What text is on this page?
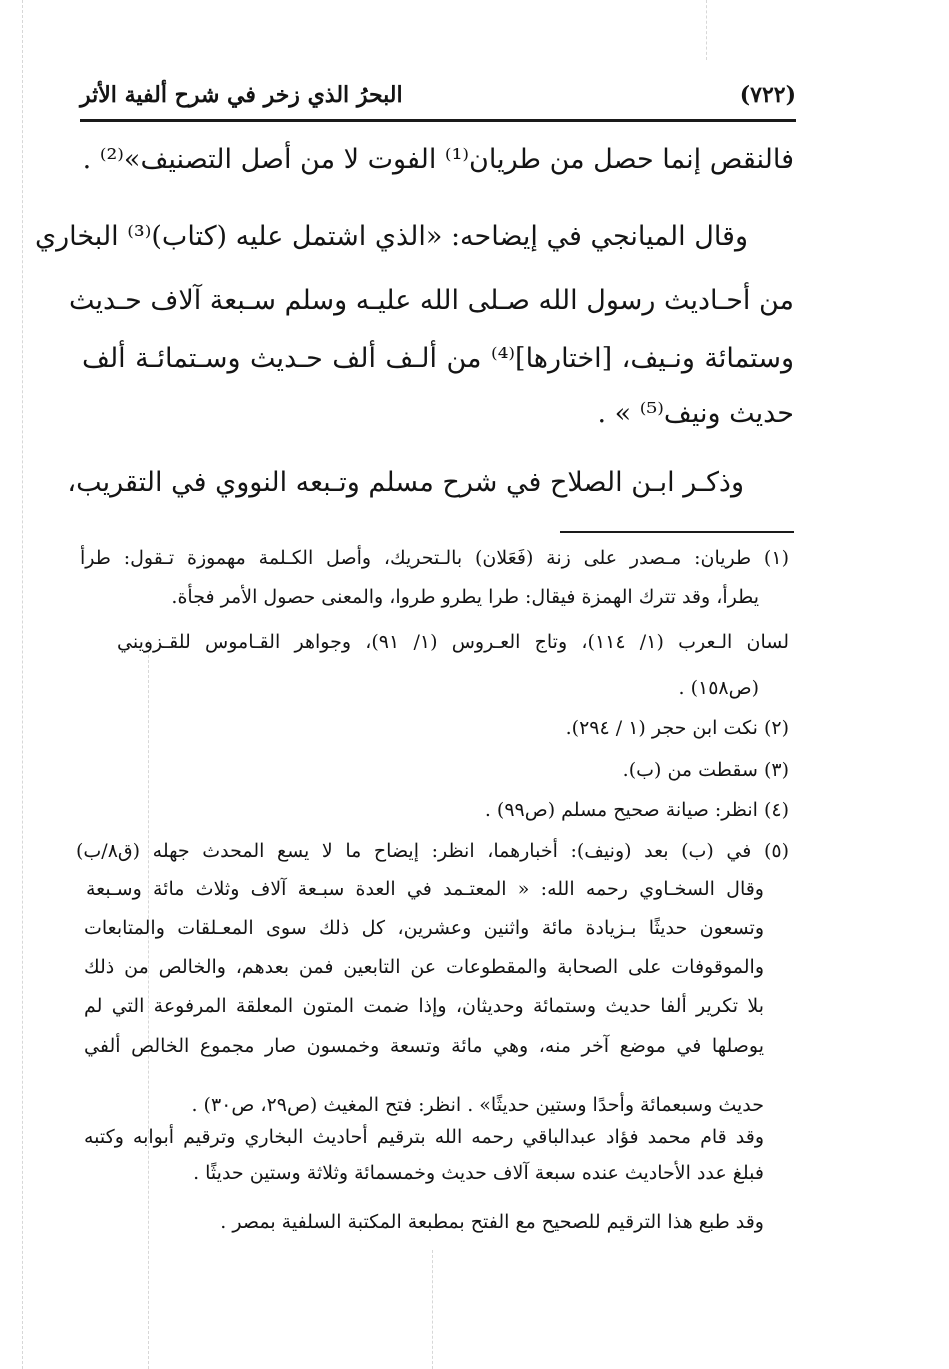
البحرُ الذي زخر في شرح ألفية الأثر	(٧٢٢)
فالنقص إنما حصل من طريان⁽¹⁾ الفوت لا من أصل التصنيف»⁽²⁾ .
وقال الميانجي في إيضاحه: «الذي اشتمل عليه (كتاب)⁽³⁾ البخاري
من أحـاديث رسول الله صـلى الله عليـه وسلم سـبعة آلاف حـديث
وستمائة ونـيف، [اختارها]⁽⁴⁾ من ألـف ألف حـديث وسـتمائـة ألف
حديث ونيف⁽⁵⁾ » .
وذكـر ابـن الصلاح في شرح مسلم وتـبعه النووي في التقريب،
(١) طريان: مـصدر على زنة (فَعَلان) بالـتحريك، وأصل الكـلمة مهموزة تـقول: طرأ
يطرأ، وقد تترك الهمزة فيقال: طرا يطرو طروا، والمعنى حصول الأمر فجأة.
لسان الـعرب (١/ ١١٤)، وتاج العـروس (١/ ٩١)، وجواهر القـاموس للقـزويني
(ص١٥٨) .
(٢) نكت ابن حجر (١ / ٢٩٤).
(٣) سقطت من (ب).
(٤) انظر: صيانة صحيح مسلم (ص٩٩) .
(٥) في (ب) بعد (ونيف): أخبارهما، انظر: إيضاح ما لا يسع المحدث جهله (ق٨/ب)
وقال السخـاوي رحمه الله: « المعتـمد في العدة سبـعة آلاف وثلاث مائة وسـبعة
وتسعون حديثًا بـزيادة مائة واثنين وعشرين، كل ذلك سوى المعـلقات والمتابعات
والموقوفات على الصحابة والمقطوعات عن التابعين فمن بعدهم، والخالص من ذلك
بلا تكرير ألفا حديث وستمائة وحديثان، وإذا ضمت المتون المعلقة المرفوعة التي لم
يوصلها في موضع آخر منه، وهي مائة وتسعة وخمسون صار مجموع الخالص ألفي
حديث وسبعمائة وأحدًا وستين حديثًا» . انظر: فتح المغيث (ص٢٩، ص٣٠) .
وقد قام محمد فؤاد عبدالباقي رحمه الله بترقيم أحاديث البخاري وترقيم أبوابه وكتبه
فبلغ عدد الأحاديث عنده سبعة آلاف حديث وخمسمائة وثلاثة وستين حديثًا .
وقد طبع هذا الترقيم للصحيح مع الفتح بمطبعة المكتبة السلفية بمصر .
